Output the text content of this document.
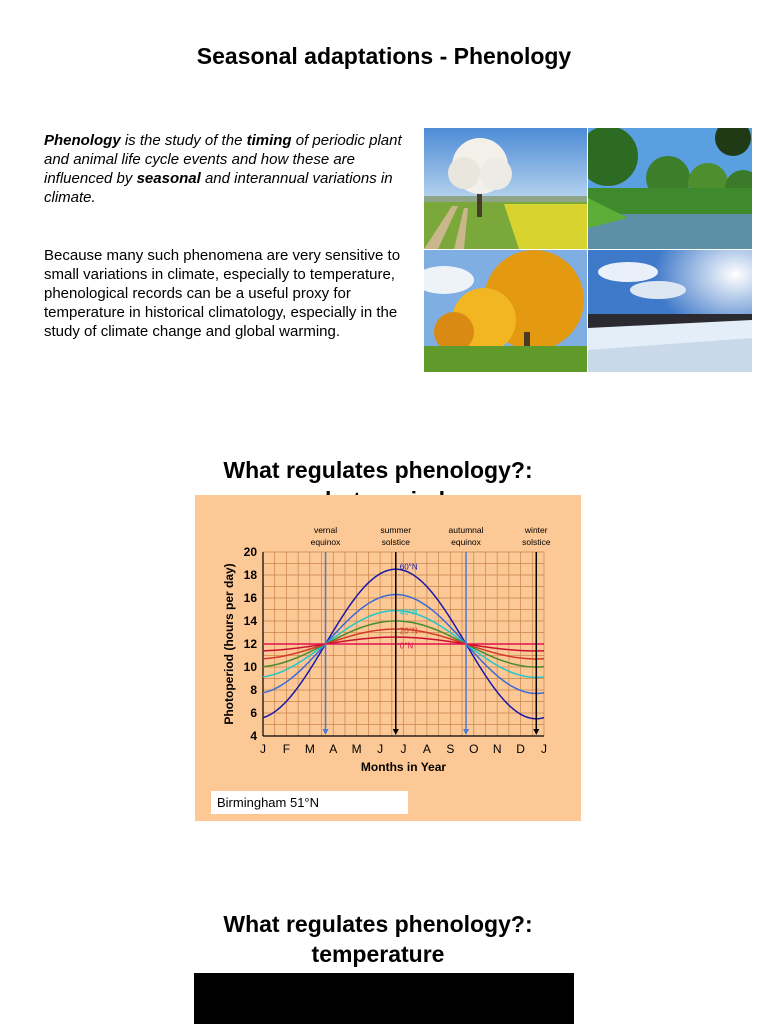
Seasonal adaptations - Phenology
Phenology is the study of the timing of periodic plant and animal life cycle events and how these are influenced by seasonal and interannual variations in climate.
Because many such phenomena are very sensitive to small variations in climate, especially to temperature, phenological records can be a useful proxy for temperature in historical climatology, especially in the study of climate change and global warming.
What regulates phenology?:
4
6
8
10
12
14
16
18
20
J F M A M J J A S O N D J
Months in Year
Photoperiod (hours per day)	60°N
40°N
20°N
0°N
vernal
equinox
summer
solstice
autumnal
equinox
winter
solstice
Birmingham 51°N
What regulates phenology?:
temperature
